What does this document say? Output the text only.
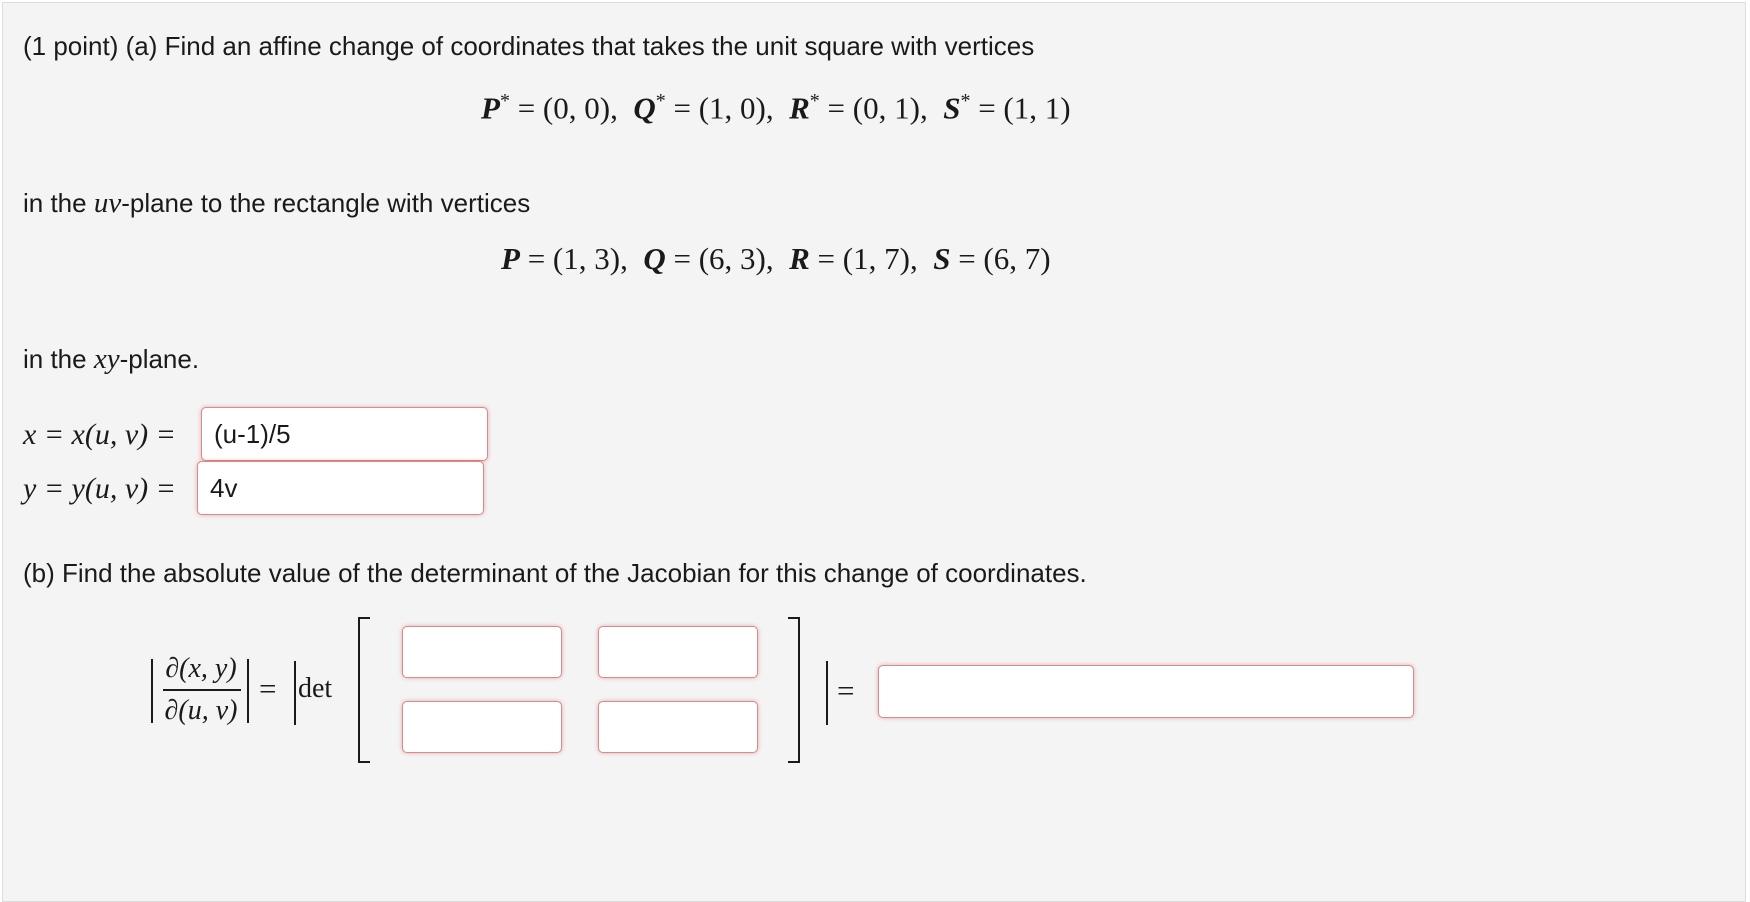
(1 point) (a) Find an affine change of coordinates that takes the unit square with vertices
P* = (0, 0),  Q* = (1, 0),  R* = (0, 1),  S* = (1, 1)
in the uv-plane to the rectangle with vertices
P = (1, 3),  Q = (6, 3),  R = (1, 7),  S = (6, 7)
in the xy-plane.
x = x(u, v) =
(u-1)/5
y = y(u, v) =
4v
(b) Find the absolute value of the determinant of the Jacobian for this change of coordinates.
∂(x, y)
∂(u, v)
= det	=
